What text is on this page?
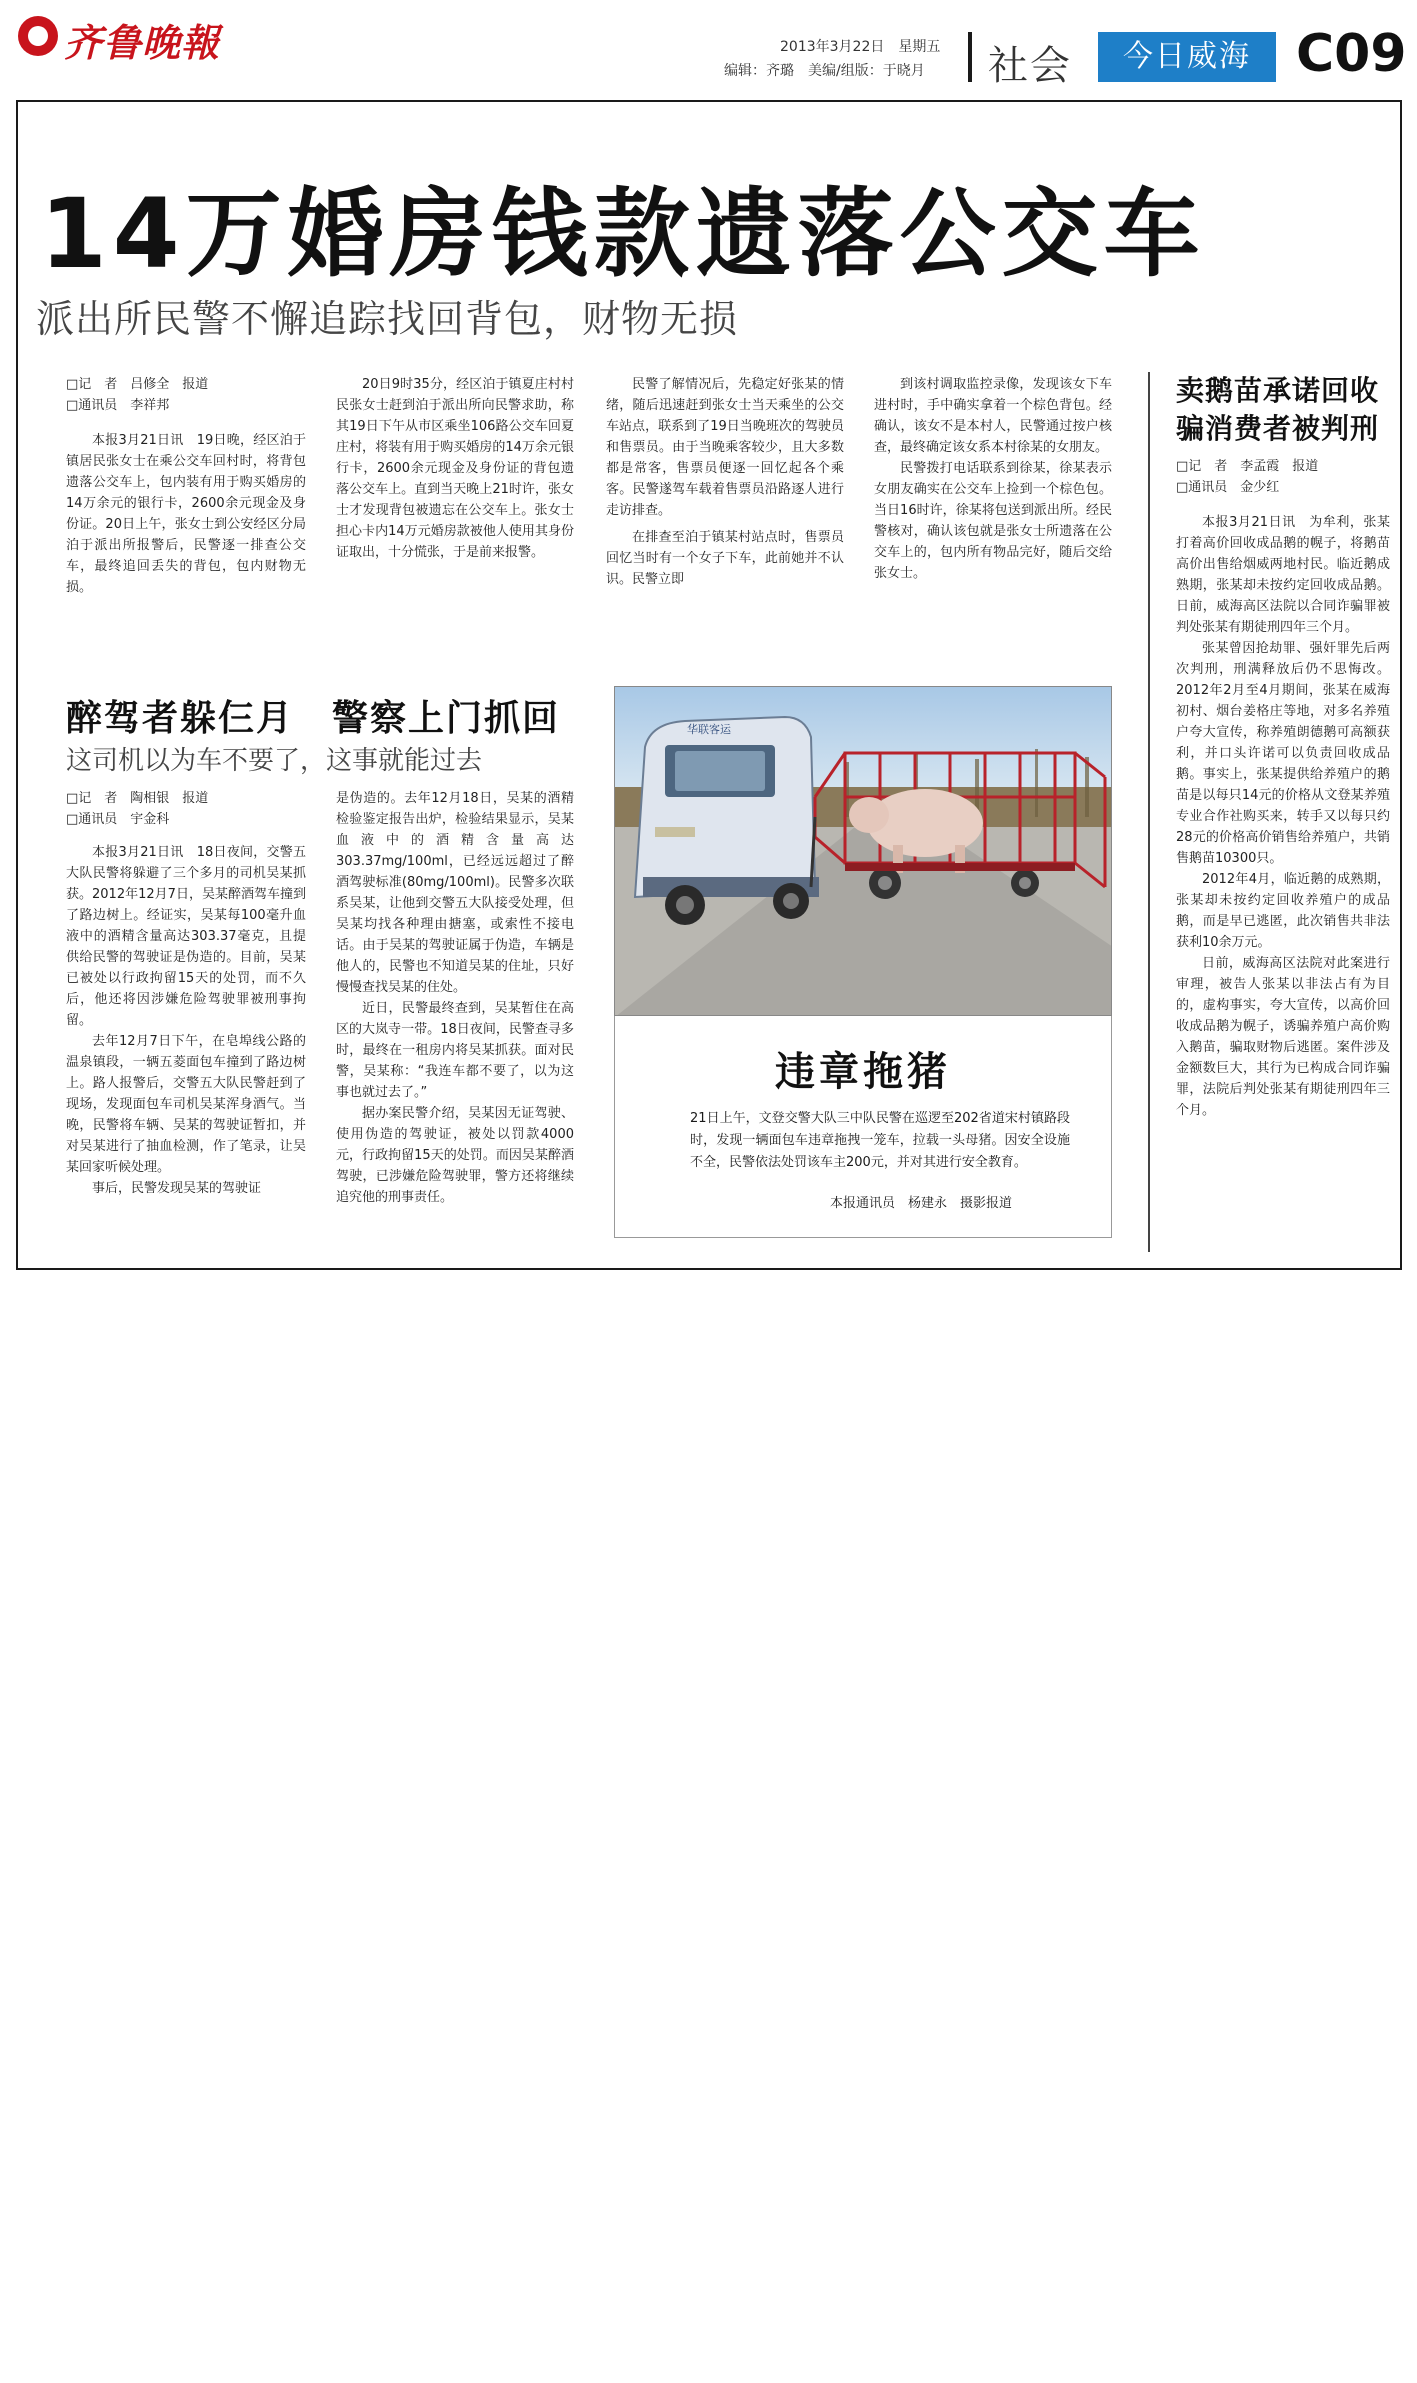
齐鲁晚報	2013年3月22日　星期五
编辑：齐璐　美编/组版：于晓月 社会	今日威海 C09
14万婚房钱款遗落公交车
派出所民警不懈追踪找回背包，财物无损

□记　者　吕修全　报道

□通讯员　李祥邦

本报3月21日讯　19日晚，经区泊于镇居民张女士在乘公交车回村时，将背包遗落公交车上，包内装有用于购买婚房的14万余元的银行卡，2600余元现金及身份证。20日上午，张女士到公安经区分局泊于派出所报警后，民警逐一排查公交车，最终追回丢失的背包，包内财物无损。

20日9时35分，经区泊于镇夏庄村村民张女士赶到泊于派出所向民警求助，称其19日下午从市区乘坐106路公交车回夏庄村，将装有用于购买婚房的14万余元银行卡，2600余元现金及身份证的背包遗落公交车上。直到当天晚上21时许，张女士才发现背包被遗忘在公交车上。张女士担心卡内14万元婚房款被他人使用其身份证取出，十分慌张，于是前来报警。

民警了解情况后，先稳定好张某的情绪，随后迅速赶到张女士当天乘坐的公交车站点，联系到了19日当晚班次的驾驶员和售票员。由于当晚乘客较少，且大多数都是常客，售票员便逐一回忆起各个乘客。民警遂驾车载着售票员沿路逐人进行走访排查。

在排查至泊于镇某村站点时，售票员回忆当时有一个女子下车，此前她并不认识。民警立即

到该村调取监控录像，发现该女下车进村时，手中确实拿着一个棕色背包。经确认，该女不是本村人，民警通过按户核查，最终确定该女系本村徐某的女朋友。

民警拨打电话联系到徐某，徐某表示女朋友确实在公交车上捡到一个棕色包。当日16时许，徐某将包送到派出所。经民警核对，确认该包就是张女士所遗落在公交车上的，包内所有物品完好，随后交给张女士。

醉驾者躲仨月　警察上门抓回
这司机以为车不要了，这事就能过去

□记　者　陶相银　报道

□通讯员　宇金科

本报3月21日讯　18日夜间，交警五大队民警将躲避了三个多月的司机吴某抓获。2012年12月7日，吴某醉酒驾车撞到了路边树上。经证实，吴某每100毫升血液中的酒精含量高达303.37毫克，且提供给民警的驾驶证是伪造的。目前，吴某已被处以行政拘留15天的处罚，而不久后，他还将因涉嫌危险驾驶罪被刑事拘留。

去年12月7日下午，在皂埠线公路的温泉镇段，一辆五菱面包车撞到了路边树上。路人报警后，交警五大队民警赶到了现场，发现面包车司机吴某浑身酒气。当晚，民警将车辆、吴某的驾驶证暂扣，并对吴某进行了抽血检测，作了笔录，让吴某回家听候处理。

事后，民警发现吴某的驾驶证

是伪造的。去年12月18日，吴某的酒精检验鉴定报告出炉，检验结果显示，吴某血液中的酒精含量高达303.37mg/100ml，已经远远超过了醉酒驾驶标准(80mg/100ml)。民警多次联系吴某，让他到交警五大队接受处理，但吴某均找各种理由搪塞，或索性不接电话。由于吴某的驾驶证属于伪造，车辆是他人的，民警也不知道吴某的住址，只好慢慢查找吴某的住处。

近日，民警最终查到，吴某暂住在高区的大岚寺一带。18日夜间，民警查寻多时，最终在一租房内将吴某抓获。面对民警，吴某称：“我连车都不要了，以为这事也就过去了。”

据办案民警介绍，吴某因无证驾驶、使用伪造的驾驶证，被处以罚款4000元，行政拘留15天的处罚。而因吴某醉酒驾驶，已涉嫌危险驾驶罪，警方还将继续追究他的刑事责任。

华联客运
违章拖猪
21日上午，文登交警大队三中队民警在巡逻至202省道宋村镇路段时，发现一辆面包车违章拖拽一笼车，拉载一头母猪。因安全设施不全，民警依法处罚该车主200元，并对其进行安全教育。
本报通讯员　杨建永　摄影报道
卖鹅苗承诺回收
骗消费者被判刑

□记　者　李孟霞　报道

□通讯员　金少红

本报3月21日讯　为牟利，张某打着高价回收成品鹅的幌子，将鹅苗高价出售给烟威两地村民。临近鹅成熟期，张某却未按约定回收成品鹅。日前，威海高区法院以合同诈骗罪被判处张某有期徒刑四年三个月。

张某曾因抢劫罪、强奸罪先后两次判刑，刑满释放后仍不思悔改。2012年2月至4月期间，张某在威海初村、烟台姜格庄等地，对多名养殖户夸大宣传，称养殖朗德鹅可高额获利，并口头许诺可以负责回收成品鹅。事实上，张某提供给养殖户的鹅苗是以每只14元的价格从文登某养殖专业合作社购买来，转手又以每只约28元的价格高价销售给养殖户，共销售鹅苗10300只。

2012年4月，临近鹅的成熟期，张某却未按约定回收养殖户的成品鹅，而是早已逃匿，此次销售共非法获利10余万元。

日前，威海高区法院对此案进行审理，被告人张某以非法占有为目的，虚构事实，夸大宣传，以高价回收成品鹅为幌子，诱骗养殖户高价购入鹅苗，骗取财物后逃匿。案件涉及金额数巨大，其行为已构成合同诈骗罪，法院后判处张某有期徒刑四年三个月。
